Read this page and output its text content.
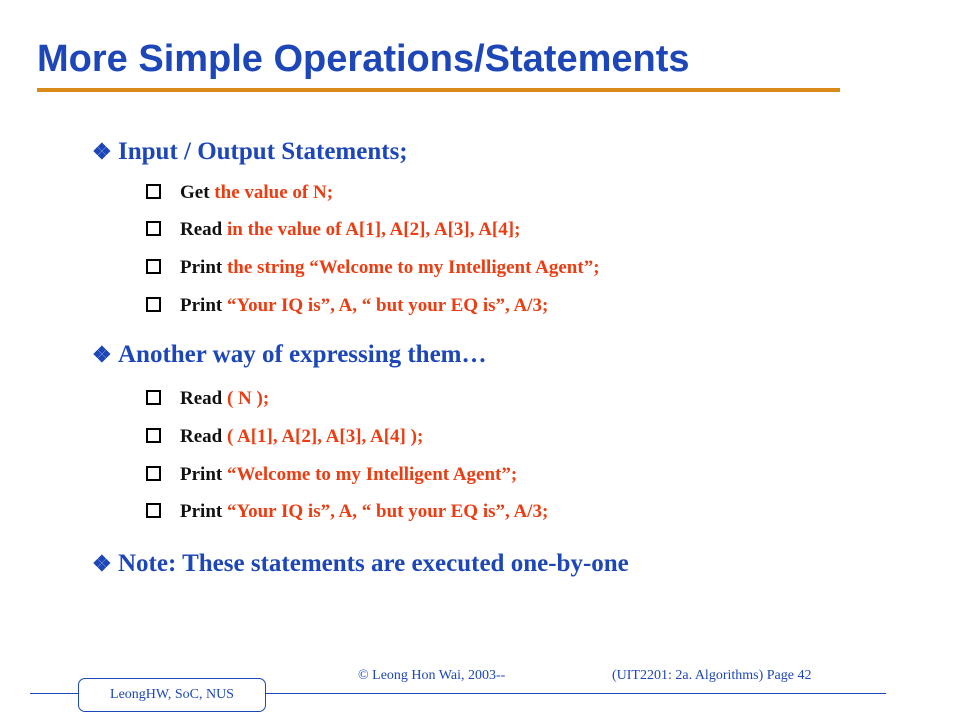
More Simple Operations/Statements
❖ Input / Output Statements;
Get the value of N;
Read in the value of A[1], A[2], A[3], A[4];
Print the string “Welcome to my Intelligent Agent”;
Print “Your IQ is”, A, “ but your EQ is”, A/3;
❖ Another way of expressing them…
Read ( N );
Read ( A[1], A[2], A[3], A[4] );
Print “Welcome to my Intelligent Agent”;
Print “Your IQ is”, A, “ but your EQ is”, A/3;
❖ Note: These statements are executed one-by-one
© Leong Hon Wai, 2003--	(UIT2201: 2a. Algorithms) Page 42
LeongHW, SoC, NUS
